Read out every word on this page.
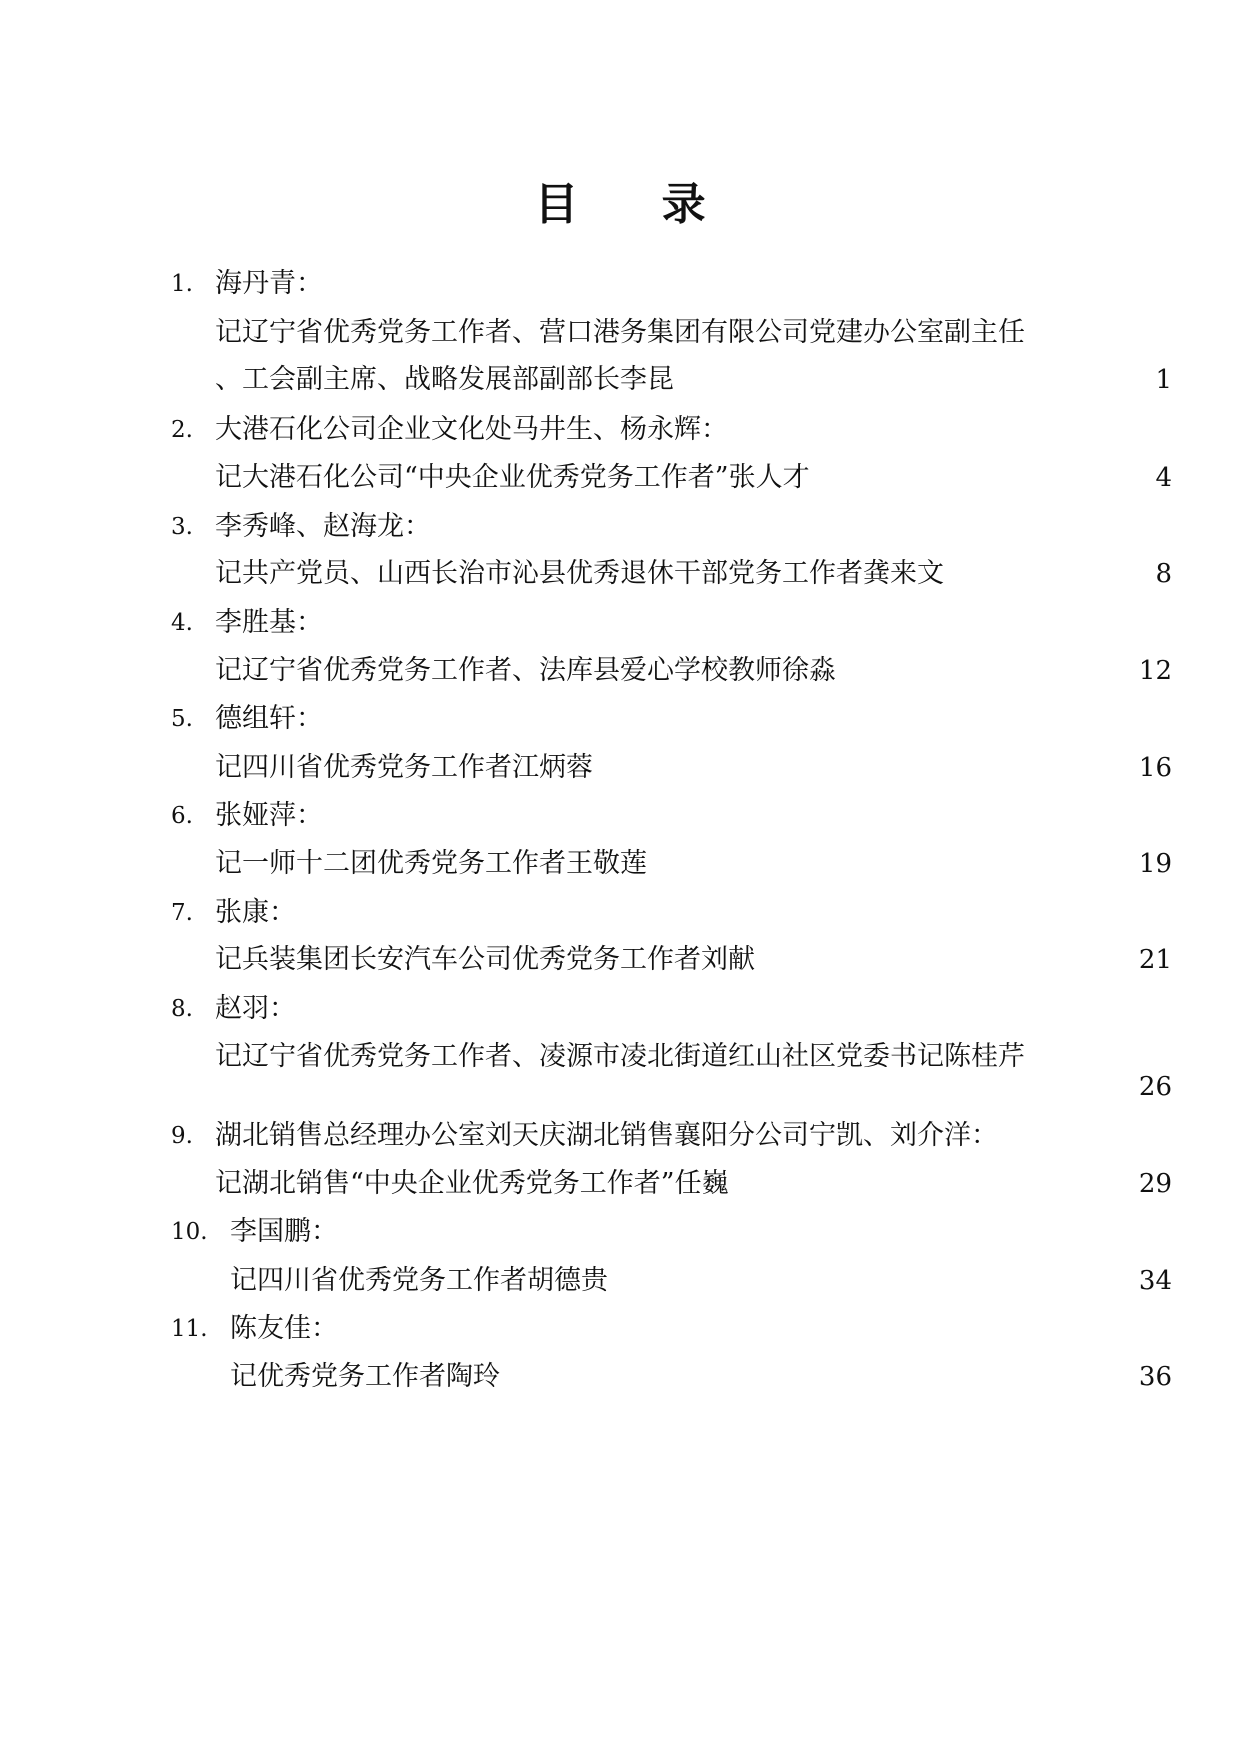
目 录
1. 海丹青：
记辽宁省优秀党务工作者、营口港务集团有限公司党建办公室副主任
、工会副主席、战略发展部副部长李昆	1
2. 大港石化公司企业文化处马井生、杨永辉：
记大港石化公司“中央企业优秀党务工作者”张人才	4
3. 李秀峰、赵海龙：
记共产党员、山西长治市沁县优秀退休干部党务工作者龚来文	8
4. 李胜基：
记辽宁省优秀党务工作者、法库县爱心学校教师徐淼	12
5. 德组轩：
记四川省优秀党务工作者江炳蓉	16
6. 张娅萍：
记一师十二团优秀党务工作者王敬莲	19
7. 张康：
记兵装集团长安汽车公司优秀党务工作者刘献	21
8. 赵羽：
记辽宁省优秀党务工作者、凌源市凌北街道红山社区党委书记陈桂芹
26
9. 湖北销售总经理办公室刘天庆湖北销售襄阳分公司宁凯、刘介洋：
记湖北销售“中央企业优秀党务工作者”任巍	29
10. 李国鹏：
记四川省优秀党务工作者胡德贵	34
11. 陈友佳：
记优秀党务工作者陶玲	36
